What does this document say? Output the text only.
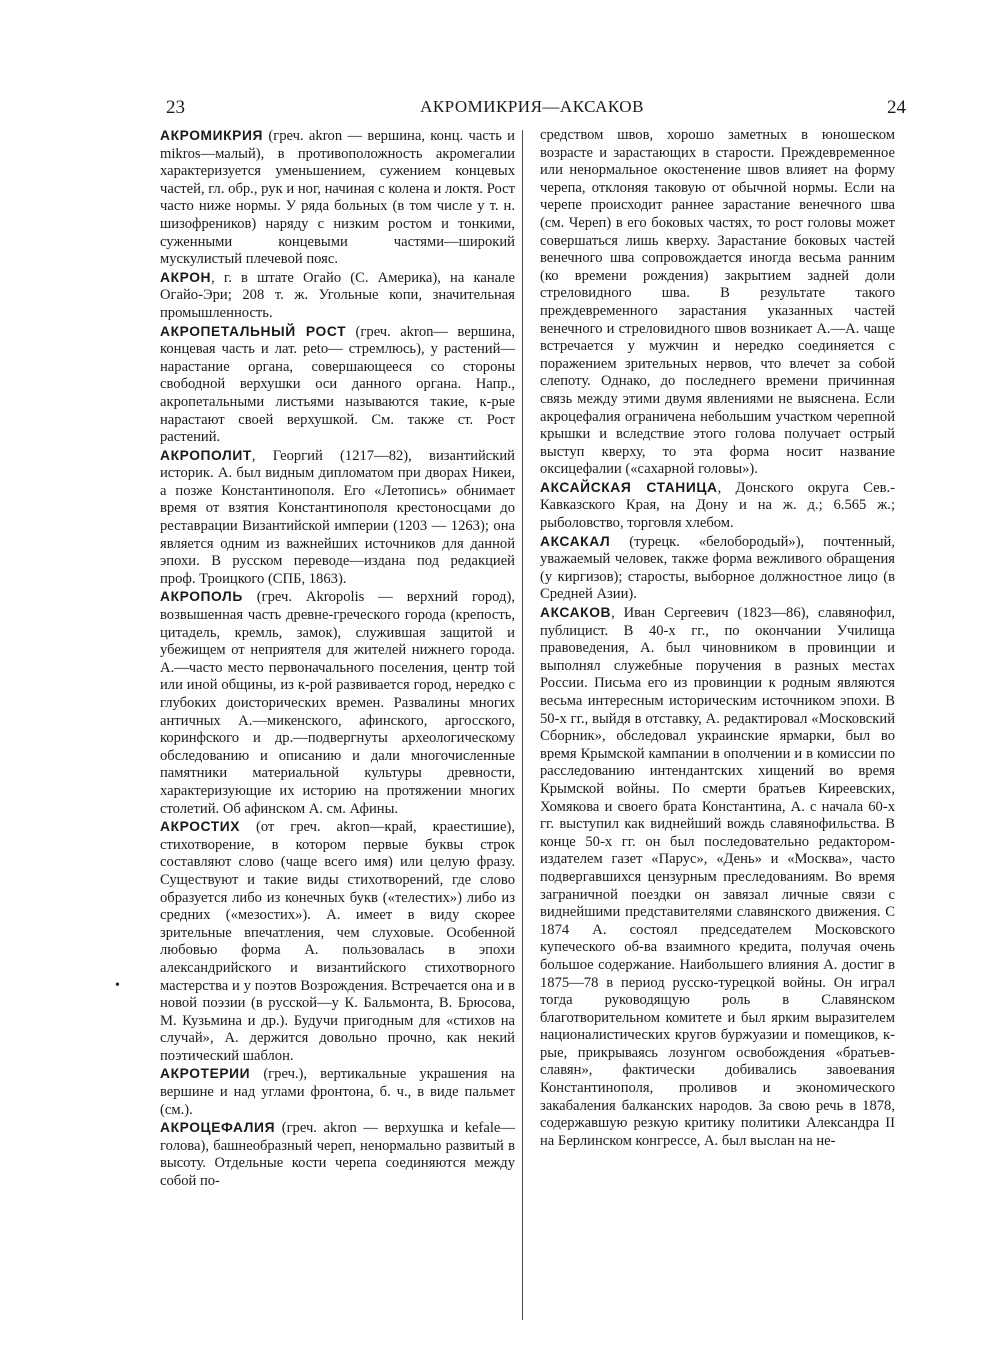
23	АКРОМИКРИЯ—АКСАКОВ	24

АКРОМИКРИЯ (греч. akron — вершина, конц. часть и mikros—малый), в противоположность акромегалии характеризуется уменьшением, сужением концевых частей, гл. обр., рук и ног, начиная с колена и локтя. Рост часто ниже нормы. У ряда больных (в том числе у т. н. шизофреников) наряду с низким ростом и тонкими, суженными концевыми частями—широкий мускулистый плечевой пояс.

АКРОН, г. в штате Огайо (С. Америка), на канале Огайо-Эри; 208 т. ж. Угольные копи, значительная промышленность.

АКРОПЕТАЛЬНЫЙ РОСТ (греч. akron— вершина, концевая часть и лат. peto— стремлюсь), у растений—нарастание органа, совершающееся со стороны свободной верхушки оси данного органа. Напр., акропетальными листьями называются такие, к-рые нарастают своей верхушкой. См. также ст. Рост растений.

АКРОПОЛИТ, Георгий (1217—82), византийский историк. А. был видным дипломатом при дворах Никеи, а позже Константинополя. Его «Летопись» обнимает время от взятия Константинополя крестоносцами до реставрации Византийской империи (1203 — 1263); она является одним из важнейших источников для данной эпохи. В русском переводе—издана под редакцией проф. Троицкого (СПБ, 1863).

АКРОПОЛЬ (греч. Akropolis — верхний город), возвышенная часть древне-греческого города (крепость, цитадель, кремль, замок), служившая защитой и убежищем от неприятеля для жителей нижнего города. А.—часто место первоначального поселения, центр той или иной общины, из к-рой развивается город, нередко с глубоких доисторических времен. Развалины многих античных А.—микенского, афинского, аргосского, коринфского и др.—подвергнуты археологическому обследованию и описанию и дали многочисленные памятники материальной культуры древности, характеризующие их историю на протяжении многих столетий. Об афинском А. см. Афины.

АКРОСТИХ (от греч. akron—край, краестишие), стихотворение, в котором первые буквы строк составляют слово (чаще всего имя) или целую фразу. Существуют и такие виды стихотворений, где слово образуется либо из конечных букв («телестих») либо из средних («мезостих»). А. имеет в виду скорее зрительные впечатления, чем слуховые. Особенной любовью форма А. пользовалась в эпохи александрийского и византийского стихотворного мастерства и у поэтов Возрождения. Встречается она и в новой поэзии (в русской—у К. Бальмонта, В. Брюсова, М. Кузьмина и др.). Будучи пригодным для «стихов на случай», А. держится довольно прочно, как некий поэтический шаблон.

АКРОТЕРИИ (греч.), вертикальные украшения на вершине и над углами фронтона, б. ч., в виде пальмет (см.).

АКРОЦЕФАЛИЯ (греч. akron — верхушка и kefale—голова), башнеобразный череп, ненормально развитый в высоту. Отдельные кости черепа соединяются между собой по-

средством швов, хорошо заметных в юношеском возрасте и зарастающих в старости. Преждевременное или ненормальное окостенение швов влияет на форму черепа, отклоняя таковую от обычной нормы. Если на черепе происходит раннее зарастание венечного шва (см. Череп) в его боковых частях, то рост головы может совершаться лишь кверху. Зарастание боковых частей венечного шва сопровождается иногда весьма ранним (ко времени рождения) закрытием задней доли стреловидного шва. В результате такого преждевременного зарастания указанных частей венечного и стреловидного швов возникает А.—А. чаще встречается у мужчин и нередко соединяется с поражением зрительных нервов, что влечет за собой слепоту. Однако, до последнего времени причинная связь между этими двумя явлениями не выяснена. Если акроцефалия ограничена небольшим участком черепной крышки и вследствие этого голова получает острый выступ кверху, то эта форма носит название оксицефалии («сахарной головы»).

АКСАЙСКАЯ СТАНИЦА, Донского округа Сев.-Кавказского Края, на Дону и на ж. д.; 6.565 ж.; рыболовство, торговля хлебом.

АКСАКАЛ (турецк. «белобородый»), почтенный, уважаемый человек, также форма вежливого обращения (у киргизов); старосты, выборное должностное лицо (в Средней Азии).

АКСАКОВ, Иван Сергеевич (1823—86), славянофил, публицист. В 40-х гг., по окончании Училища правоведения, А. был чиновником в провинции и выполнял служебные поручения в разных местах России. Письма его из провинции к родным являются весьма интересным историческим источником эпохи. В 50-х гг., выйдя в отставку, А. редактировал «Московский Сборник», обследовал украинские ярмарки, был во время Крымской кампании в ополчении и в комиссии по расследованию интендантских хищений во время Крымской войны. По смерти братьев Киреевских, Хомякова и своего брата Константина, А. с начала 60-х гг. выступил как виднейший вождь славянофильства. В конце 50-х гг. он был последовательно редактором-издателем газет «Парус», «День» и «Москва», часто подвергавшихся цензурным преследованиям. Во время заграничной поездки он завязал личные связи с виднейшими представителями славянского движения. С 1874 А. состоял председателем Московского купеческого об-ва взаимного кредита, получая очень большое содержание. Наибольшего влияния А. достиг в 1875—78 в период русско-турецкой войны. Он играл тогда руководящую роль в Славянском благотворительном комитете и был ярким выразителем националистических кругов буржуазии и помещиков, к-рые, прикрываясь лозунгом освобождения «братьев-славян», фактически добивались завоевания Константинополя, проливов и экономического закабаления балканских народов. За свою речь в 1878, содержавшую резкую критику политики Александра II на Берлинском конгрессе, А. был выслан на не-

•
